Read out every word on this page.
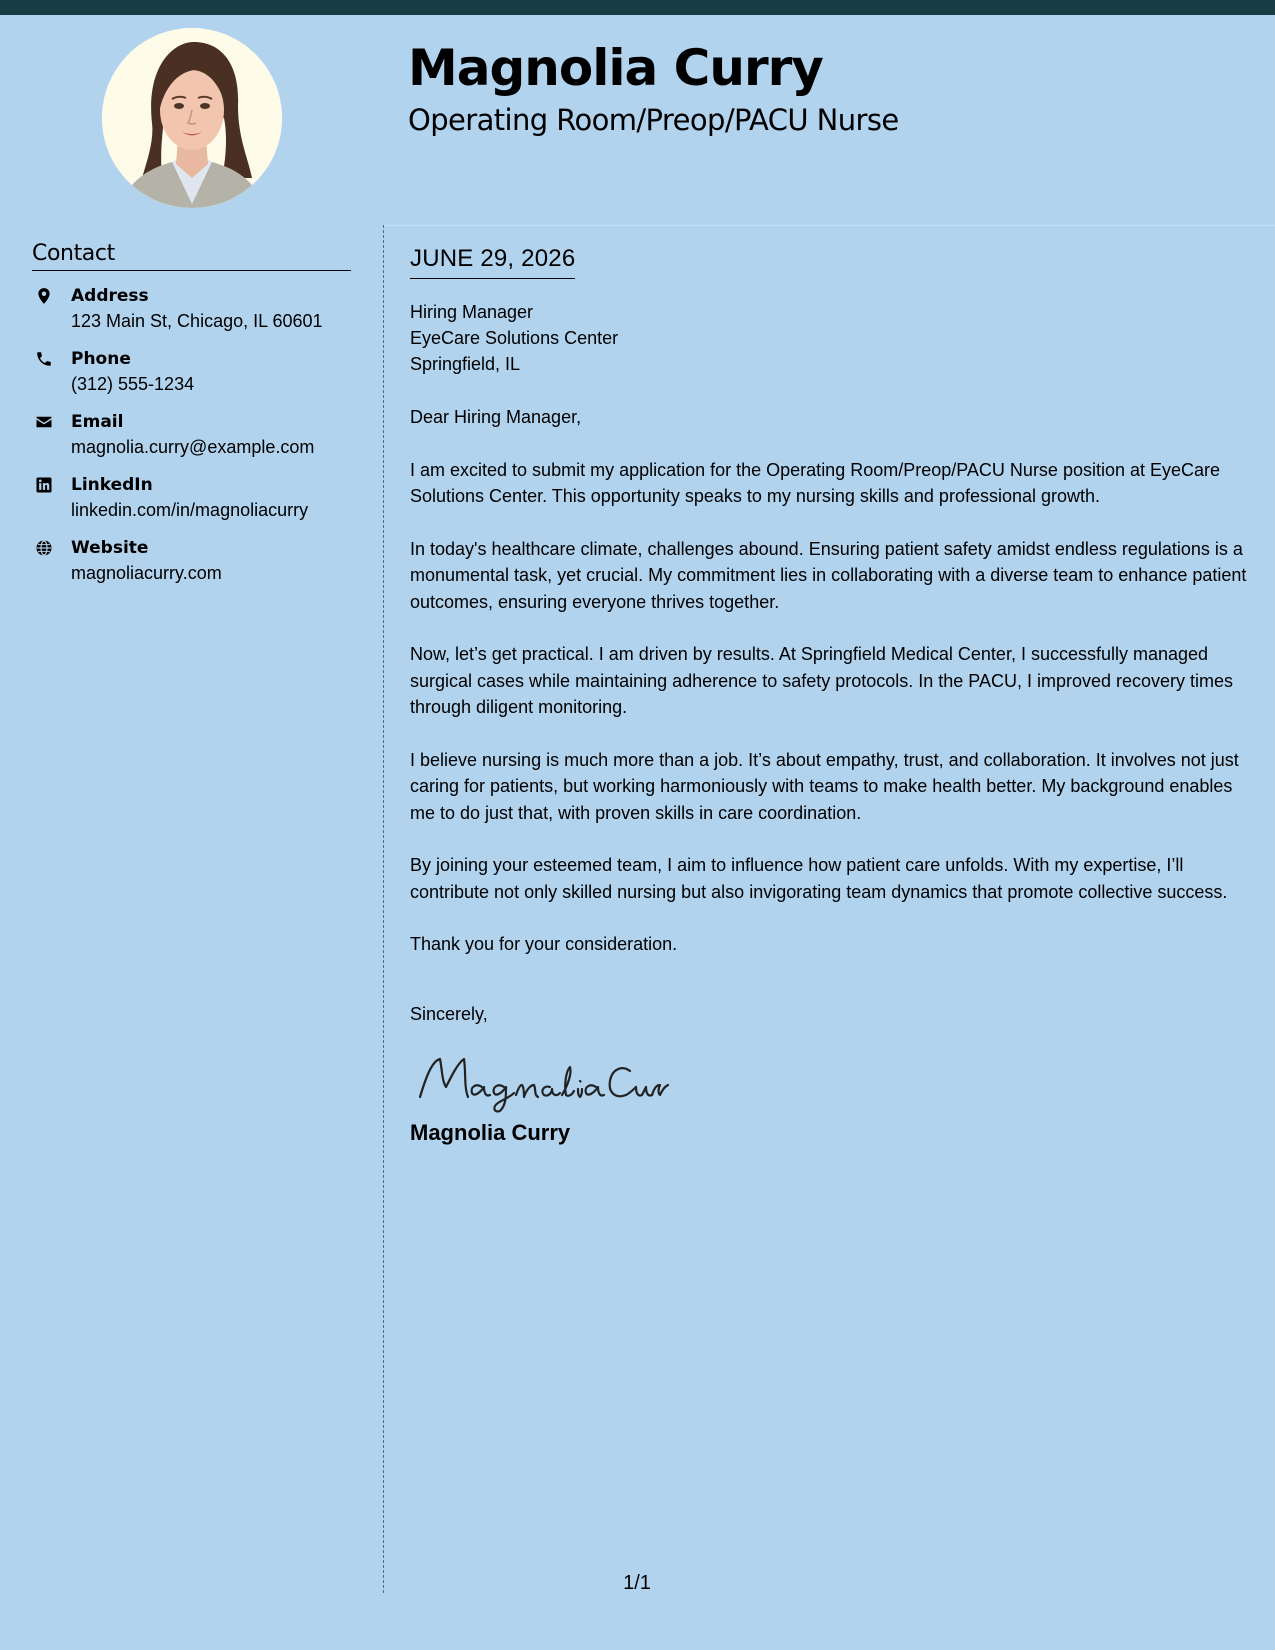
Magnolia Curry
Operating Room/Preop/PACU Nurse
Contact
Address
123 Main St, Chicago, IL 60601
Phone
(312) 555-1234
Email
magnolia.curry@example.com
LinkedIn
linkedin.com/in/magnoliacurry
Website
magnoliacurry.com
JUNE 29, 2026
Hiring Manager
EyeCare Solutions Center
Springfield, IL
Dear Hiring Manager,

I am excited to submit my application for the Operating Room/Preop/PACU Nurse position at EyeCare Solutions Center. This opportunity speaks to my nursing skills and professional growth.

In today's healthcare climate, challenges abound. Ensuring patient safety amidst endless regulations is a monumental task, yet crucial. My commitment lies in collaborating with a diverse team to enhance patient outcomes, ensuring everyone thrives together.

Now, let’s get practical. I am driven by results. At Springfield Medical Center, I successfully managed surgical cases while maintaining adherence to safety protocols. In the PACU, I improved recovery times through diligent monitoring.

I believe nursing is much more than a job. It’s about empathy, trust, and collaboration. It involves not just caring for patients, but working harmoniously with teams to make health better. My background enables me to do just that, with proven skills in care coordination.

By joining your esteemed team, I aim to influence how patient care unfolds. With my expertise, I’ll contribute not only skilled nursing but also invigorating team dynamics that promote collective success.

Thank you for your consideration.

Sincerely,
Magnolia Curry
1/1
